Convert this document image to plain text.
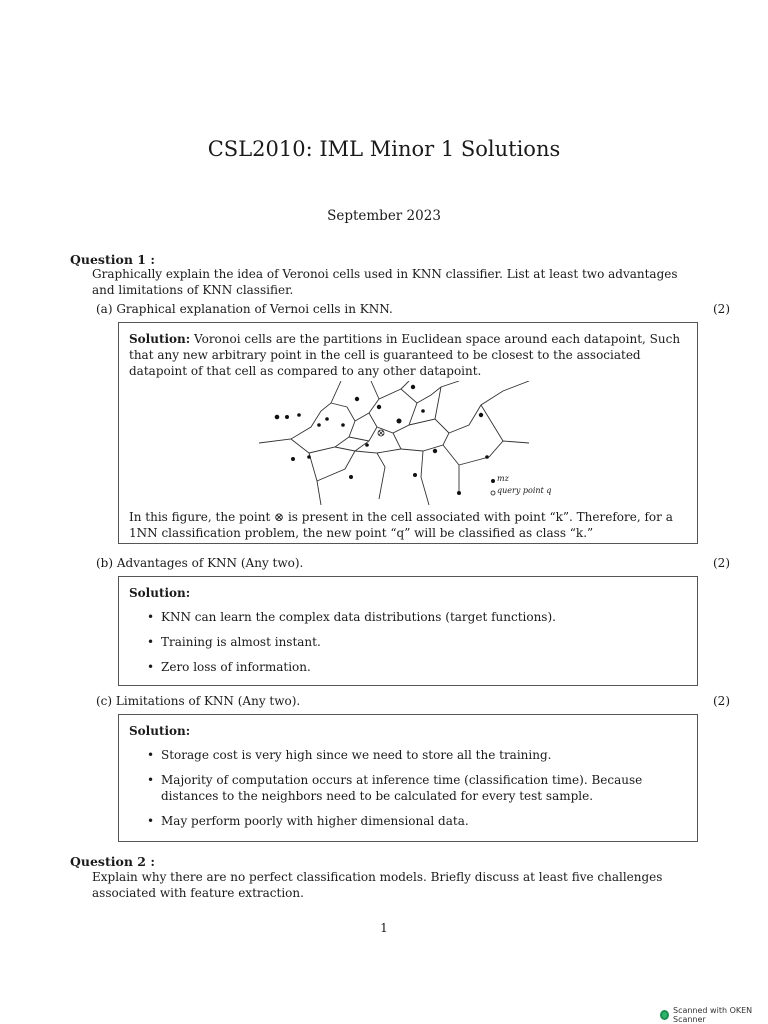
CSL2010: IML Minor 1 Solutions
September 2023
Question 1 :
Graphically explain the idea of Veronoi cells used in KNN classifier. List at least two advantages and limitations of KNN classifier.
(a) Graphical explanation of Vernoi cells in KNN.	(2)
Solution: Voronoi cells are the partitions in Euclidean space around each datapoint, Such that any new arbitrary point in the cell is guaranteed to be closest to the associated datapoint of that cell as compared to any other datapoint.
mz
query point q
In this figure, the point ⊗ is present in the cell associated with point “k”. Therefore, for a 1NN classification problem, the new point “q” will be classified as class “k.”
(b) Advantages of KNN (Any two).	(2)
Solution:
• KNN can learn the complex data distributions (target functions).
• Training is almost instant.
• Zero loss of information.
(c) Limitations of KNN (Any two).	(2)
Solution:
• Storage cost is very high since we need to store all the training.
• Majority of computation occurs at inference time (classification time). Because distances to the neighbors need to be calculated for every test sample.
• May perform poorly with higher dimensional data.
Question 2 :
Explain why there are no perfect classification models. Briefly discuss at least five challenges associated with feature extraction.
1
Scanned with OKEN Scanner
